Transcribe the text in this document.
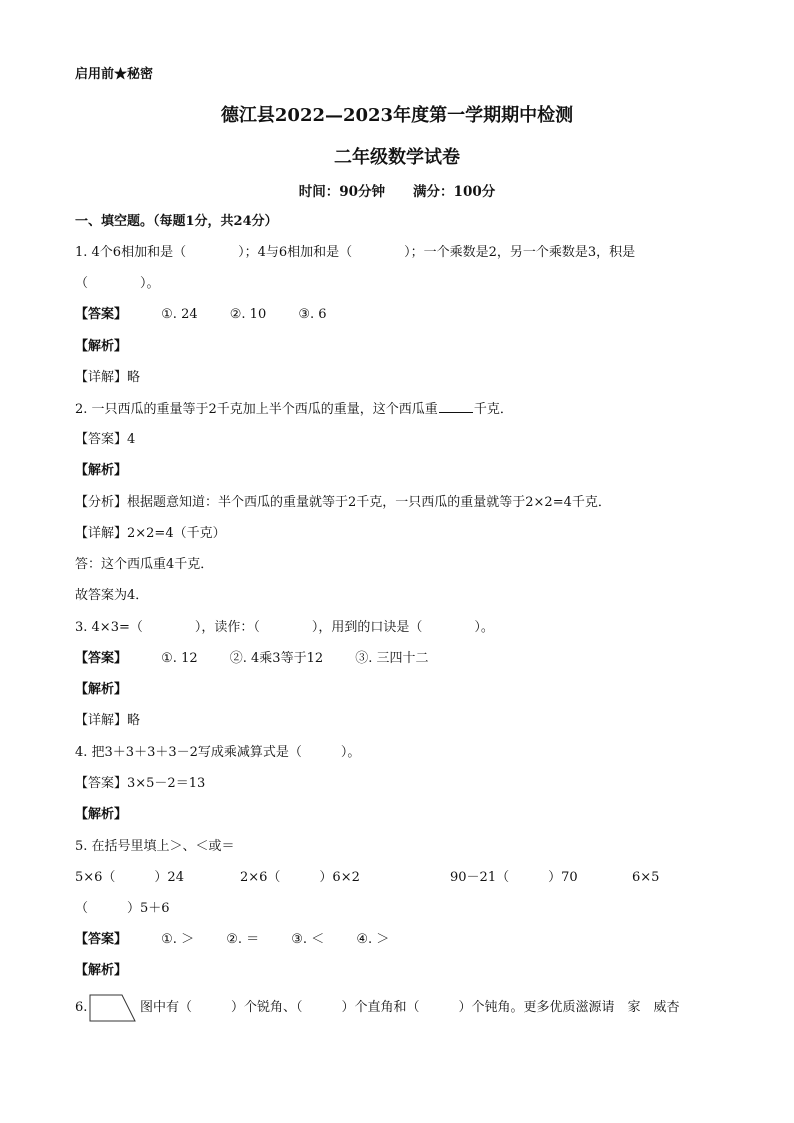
启用前★秘密
德江县2022—2023年度第一学期期中检测
二年级数学试卷
时间：90分钟 满分：100分
一、填空题。（每题1分，共24分）
1. 4个6相加和是（　　　　）；4与6相加和是（　　　　）；一个乘数是2，另一个乘数是3，积是
（　　　　）。
【答案】	①. 24 ②. 10 ③. 6
【解析】
【详解】略
2. 一只西瓜的重量等于2千克加上半个西瓜的重量，这个西瓜重	千克．
【答案】4
【解析】
【分析】根据题意知道：半个西瓜的重量就等于2千克，一只西瓜的重量就等于2×2=4千克．
【详解】2×2=4（千克）
答：这个西瓜重4千克．
故答案为4．
3. 4×3=（　　　　），读作：（　　　　），用到的口诀是（　　　　）。
【答案】	①. 12 ②. 4乘3等于12 ③. 三四十二
【解析】
【详解】略
4. 把3＋3＋3＋3－2写成乘减算式是（　　　）。
【答案】3×5－2＝13
【解析】
5. 在括号里填上＞、＜或＝
5×6（　　　）24	2×6（　　　）6×2	90－21（　　　）70	6×5
（　　　）5＋6
【答案】	①. ＞ ②. ＝ ③. ＜ ④. ＞
【解析】
6.	图中有（　　　）个锐角、（　　　）个直角和（　　　）个钝角。更多优质滋源请　家　威杏
